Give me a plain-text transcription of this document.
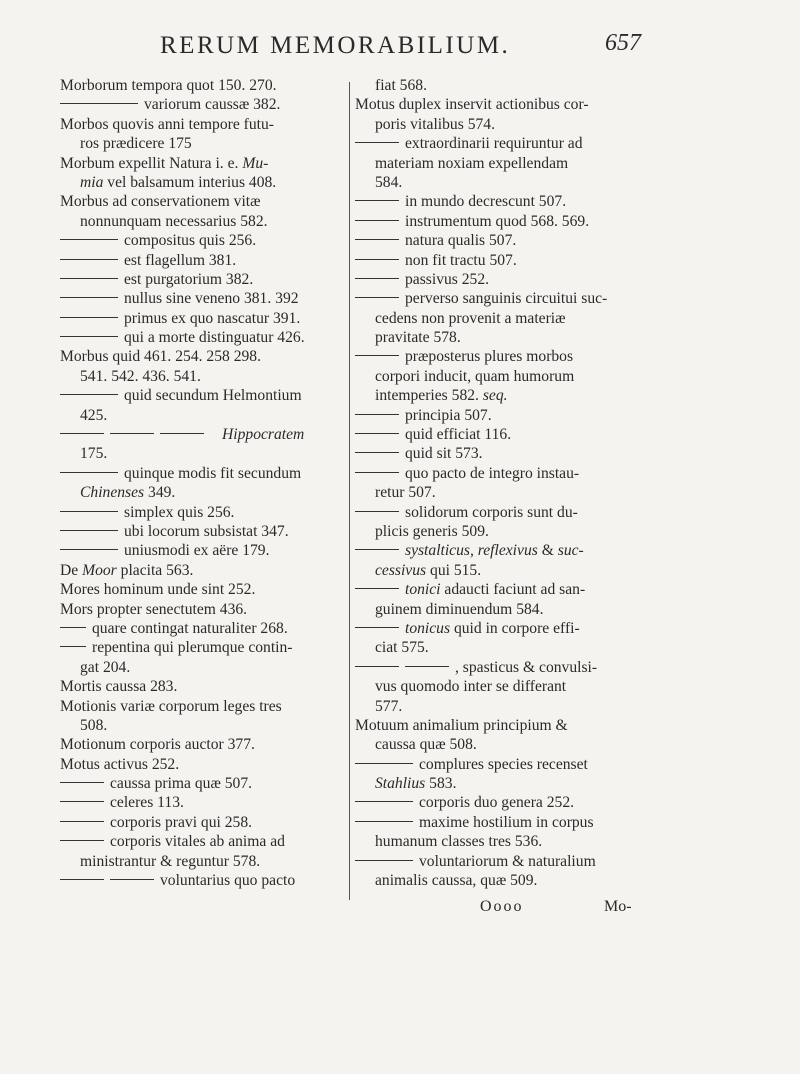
RERUM MEMORABILIUM.	657
Morborum tempora quot 150. 270.
variorum caussæ 382.
Morbos quovis anni tempore futu-
ros prædicere 175
Morbum expellit Natura i. e. Mu-
mia vel balsamum interius 408.
Morbus ad conservationem vitæ
nonnunquam necessarius 582.
compositus quis 256.
est flagellum 381.
est purgatorium 382.
nullus sine veneno 381. 392
primus ex quo nascatur 391.
qui a morte distinguatur 426.
Morbus quid 461. 254. 258 298.
541. 542. 436. 541.
quid secundum Helmontium
425.
Hippocratem
175.
quinque modis fit secundum
Chinenses 349.
simplex quis 256.
ubi locorum subsistat 347.
uniusmodi ex aëre 179.
De Moor placita 563.
Mores hominum unde sint 252.
Mors propter senectutem 436.
quare contingat naturaliter 268.
repentina qui plerumque contin-
gat 204.
Mortis caussa 283.
Motionis variæ corporum leges tres
508.
Motionum corporis auctor 377.
Motus activus 252.
caussa prima quæ 507.
celeres 113.
corporis pravi qui 258.
corporis vitales ab anima ad
ministrantur & reguntur 578.
voluntarius quo pacto
fiat 568.
Motus duplex inservit actionibus cor-
poris vitalibus 574.
extraordinarii requiruntur ad
materiam noxiam expellendam
584.
in mundo decrescunt 507.
instrumentum quod 568. 569.
natura qualis 507.
non fit tractu 507.
passivus 252.
perverso sanguinis circuitui suc-
cedens non provenit a materiæ
pravitate 578.
præposterus plures morbos
corpori inducit, quam humorum
intemperies 582. seq.
principia 507.
quid efficiat 116.
quid sit 573.
quo pacto de integro instau-
retur 507.
solidorum corporis sunt du-
plicis generis 509.
systalticus, reflexivus & suc-
cessivus qui 515.
tonici adaucti faciunt ad san-
guinem diminuendum 584.
tonicus quid in corpore effi-
ciat 575.
, spasticus & convulsi-
vus quomodo inter se differant
577.
Motuum animalium principium &
caussa quæ 508.
complures species recenset
Stahlius 583.
corporis duo genera 252.
maxime hostilium in corpus
humanum classes tres 536.
voluntariorum & naturalium
animalis caussa, quæ 509.
Oooo	Mo-
